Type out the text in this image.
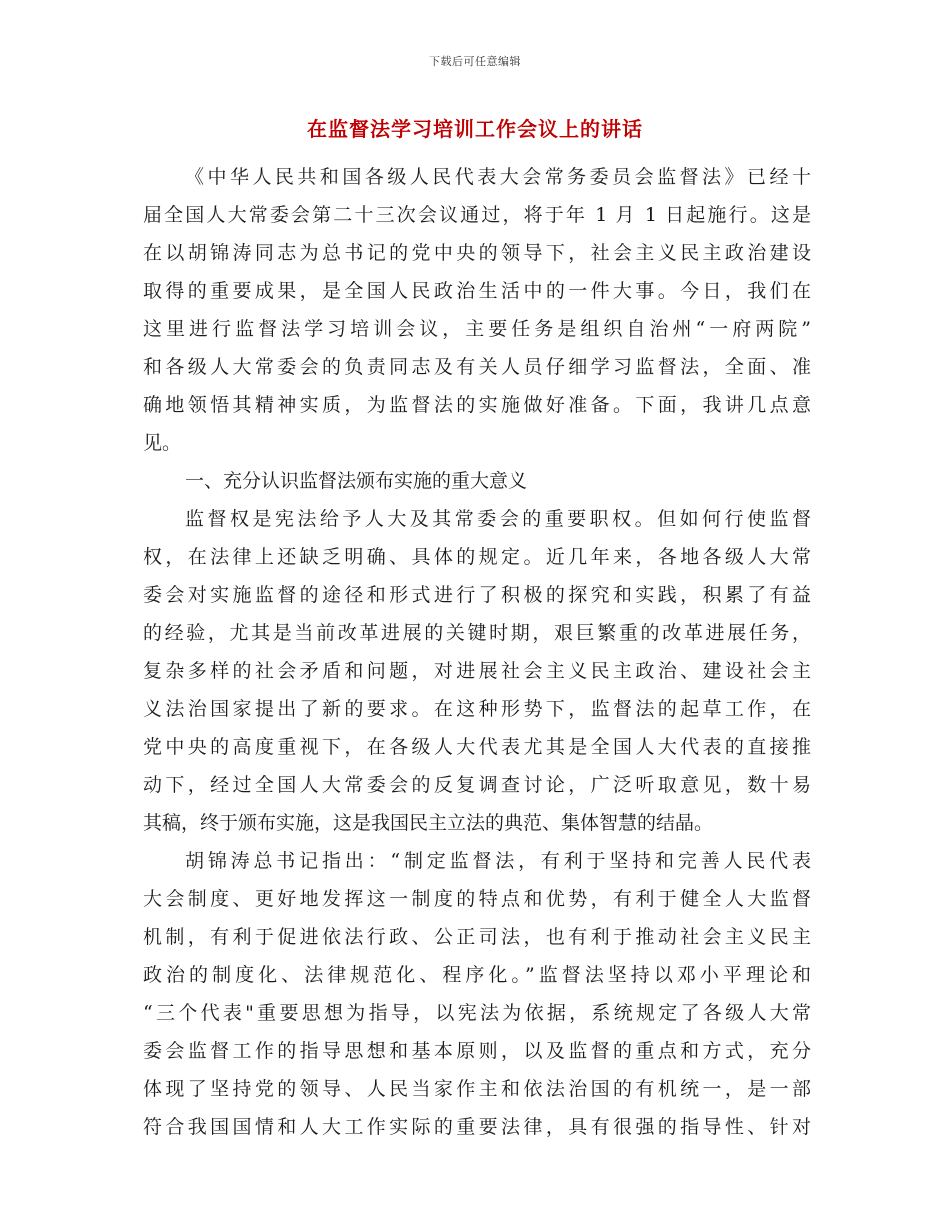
下载后可任意编辑
在监督法学习培训工作会议上的讲话
《中华人民共和国各级人民代表大会常务委员会监督法》已经十
届全国人大常委会第二十三次会议通过，将于年 1 月 1 日起施行。这是
在以胡锦涛同志为总书记的党中央的领导下，社会主义民主政治建设
取得的重要成果，是全国人民政治生活中的一件大事。今日，我们在
这里进行监督法学习培训会议，主要任务是组织自治州“一府两院”
和各级人大常委会的负责同志及有关人员仔细学习监督法，全面、准
确地领悟其精神实质，为监督法的实施做好准备。下面，我讲几点意
见。
一、充分认识监督法颁布实施的重大意义
监督权是宪法给予人大及其常委会的重要职权。但如何行使监督
权，在法律上还缺乏明确、具体的规定。近几年来，各地各级人大常
委会对实施监督的途径和形式进行了积极的探究和实践，积累了有益
的经验，尤其是当前改革进展的关键时期，艰巨繁重的改革进展任务，
复杂多样的社会矛盾和问题，对进展社会主义民主政治、建设社会主
义法治国家提出了新的要求。在这种形势下，监督法的起草工作，在
党中央的高度重视下，在各级人大代表尤其是全国人大代表的直接推
动下，经过全国人大常委会的反复调查讨论，广泛听取意见，数十易
其稿，终于颁布实施，这是我国民主立法的典范、集体智慧的结晶。
胡锦涛总书记指出：“制定监督法，有利于坚持和完善人民代表
大会制度、更好地发挥这一制度的特点和优势，有利于健全人大监督
机制，有利于促进依法行政、公正司法，也有利于推动社会主义民主
政治的制度化、法律规范化、程序化。”监督法坚持以邓小平理论和
“三个代表"重要思想为指导，以宪法为依据，系统规定了各级人大常
委会监督工作的指导思想和基本原则，以及监督的重点和方式，充分
体现了坚持党的领导、人民当家作主和依法治国的有机统一，是一部
符合我国国情和人大工作实际的重要法律，具有很强的指导性、针对
